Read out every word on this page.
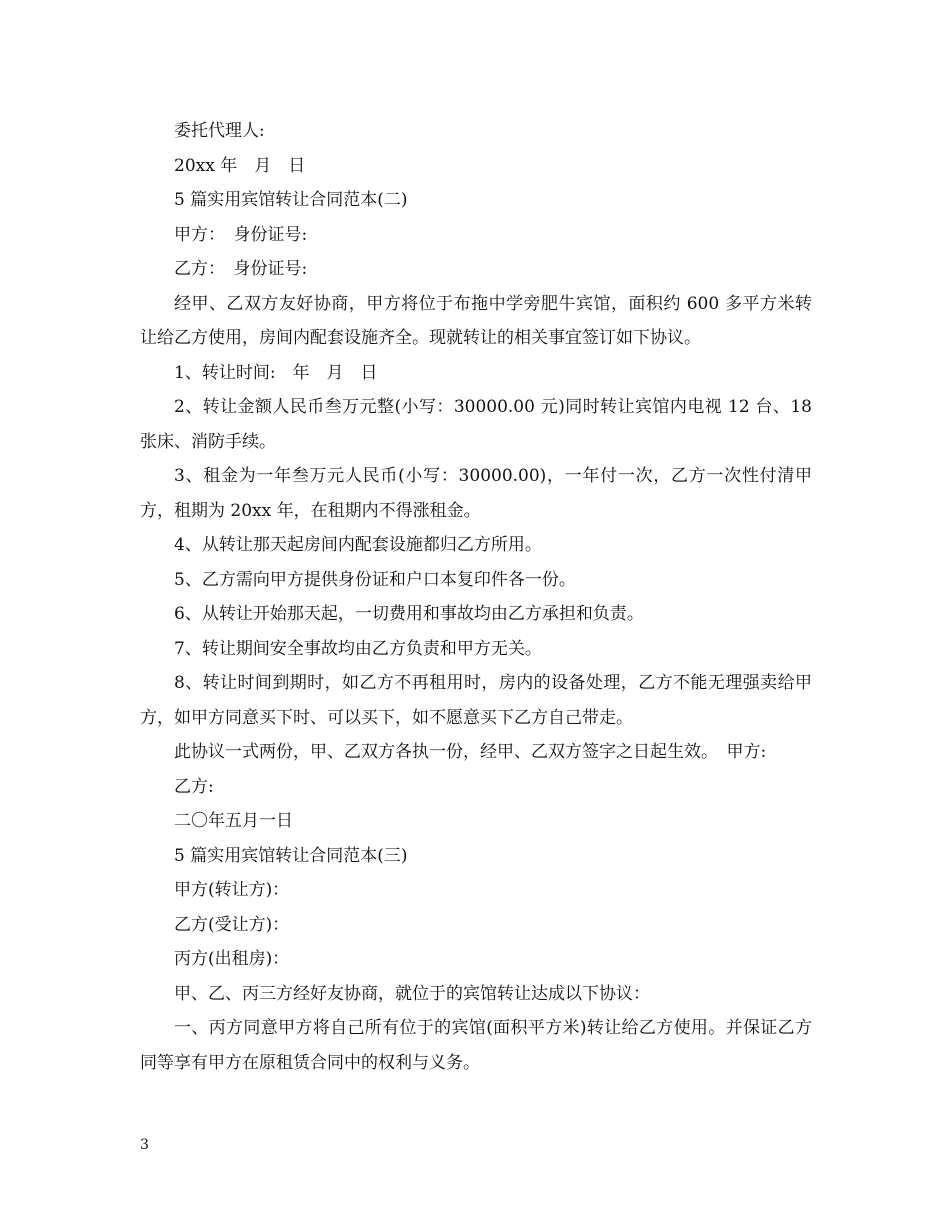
委托代理人:

20xx 年　月　日

5 篇实用宾馆转让合同范本(二)

甲方：　身份证号:

乙方：　身份证号:

经甲、乙双方友好协商，甲方将位于布拖中学旁肥牛宾馆，面积约 600 多平方米转让给乙方使用，房间内配套设施齐全。现就转让的相关事宜签订如下协议。

1、转让时间:　年　月　日

2、转让金额人民币叁万元整(小写：30000.00 元)同时转让宾馆内电视 12 台、18 张床、消防手续。

3、租金为一年叁万元人民币(小写：30000.00)，一年付一次，乙方一次性付清甲方，租期为 20xx 年，在租期内不得涨租金。

4、从转让那天起房间内配套设施都归乙方所用。

5、乙方需向甲方提供身份证和户口本复印件各一份。

6、从转让开始那天起，一切费用和事故均由乙方承担和负责。

7、转让期间安全事故均由乙方负责和甲方无关。

8、转让时间到期时，如乙方不再租用时，房内的设备处理，乙方不能无理强卖给甲方，如甲方同意买下时、可以买下，如不愿意买下乙方自己带走。

此协议一式两份，甲、乙双方各执一份，经甲、乙双方签字之日起生效。　甲方:

乙方:

二〇年五月一日

5 篇实用宾馆转让合同范本(三)

甲方(转让方)：

乙方(受让方)：

丙方(出租房)：

甲、乙、丙三方经好友协商，就位于的宾馆转让达成以下协议：

一、丙方同意甲方将自己所有位于的宾馆(面积平方米)转让给乙方使用。并保证乙方同等享有甲方在原租赁合同中的权利与义务。

3
